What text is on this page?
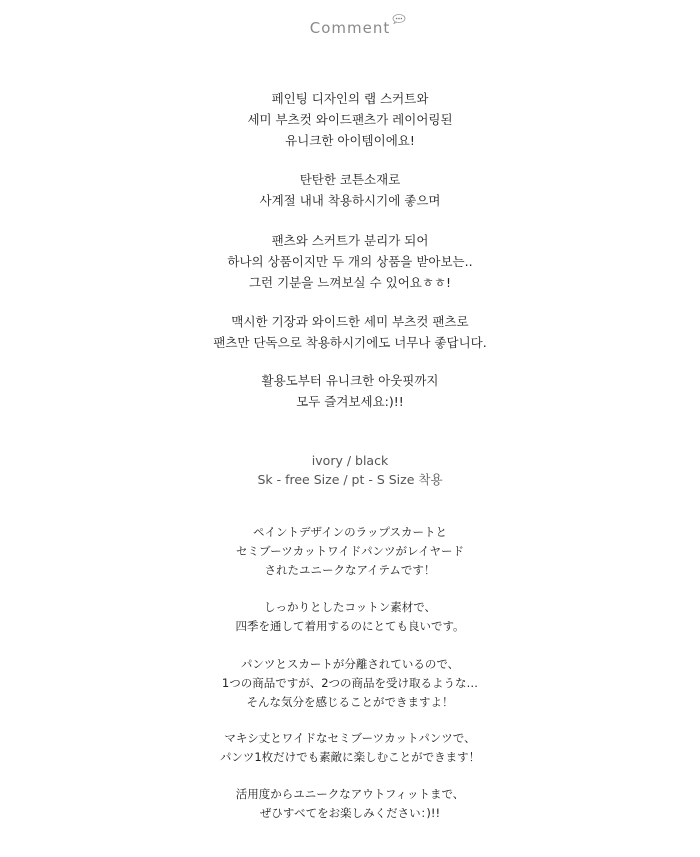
Comment
페인팅 디자인의 랩 스커트와
세미 부츠컷 와이드팬츠가 레이어링된
유니크한 아이템이에요!
탄탄한 코튼소재로
사계절 내내 착용하시기에 좋으며
팬츠와 스커트가 분리가 되어
하나의 상품이지만 두 개의 상품을 받아보는..
그런 기분을 느껴보실 수 있어요ㅎㅎ!
맥시한 기장과 와이드한 세미 부츠컷 팬츠로
팬츠만 단독으로 착용하시기에도 너무나 좋답니다.
활용도부터 유니크한 아웃핏까지
모두 즐겨보세요:)!!
ivory / black
Sk - free Size / pt - S Size 착용
ペイントデザインのラップスカートと
セミブーツカットワイドパンツがレイヤード
されたユニークなアイテムです！
しっかりとしたコットン素材で、
四季を通して着用するのにとても良いです。
パンツとスカートが分離されているので、
1つの商品ですが、2つの商品を受け取るような…
そんな気分を感じることができますよ！
マキシ丈とワイドなセミブーツカットパンツで、
パンツ1枚だけでも素敵に楽しむことができます！
活用度からユニークなアウトフィットまで、
ぜひすべてをお楽しみください：)!!
